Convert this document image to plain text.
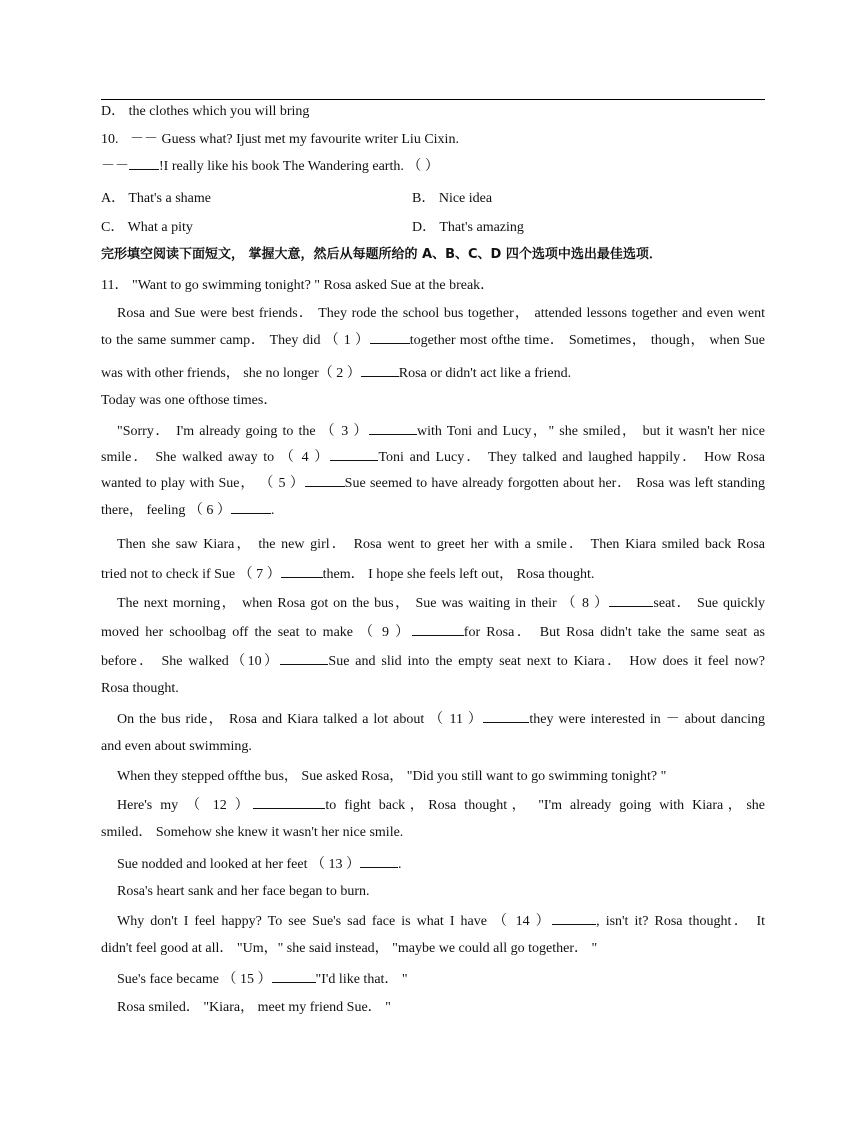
D． the clothes which you will bring
10. －－ Guess what? Ijust met my favourite writer Liu Cixin.
－－ !I really like his book The Wandering earth. （ ）
A． That's a shame	B． Nice idea
C． What a pity	D． That's amazing
完形填空阅读下面短文， 掌握大意，然后从每题所给的 A、B、C、D 四个选项中选出最佳选项．
11． "Want to go swimming tonight? " Rosa asked Sue at the break．
Rosa and Sue were best friends． They rode the school bus together， attended lessons together and even went
to the same summer camp． They did （ 1 ）	together most ofthe time． Sometimes， though， when Sue
was with other friends， she no longer（ 2 ）	Rosa or didn't act like a friend.
Today was one ofthose times．
"Sorry． I'm already going to the （ 3 ）	with Toni and Lucy，" she smiled， but it wasn't her nice
smile． She walked away to （ 4 ）	Toni and Lucy． They talked and laughed happily． How Rosa
wanted to play with Sue， （ 5 ）	Sue seemed to have already forgotten about her． Rosa was left standing
there， feeling （ 6 ）	.
Then she saw Kiara， the new girl． Rosa went to greet her with a smile． Then Kiara smiled back Rosa
tried not to check if Sue （ 7 ）	them． I hope she feels left out， Rosa thought.
The next morning， when Rosa got on the bus， Sue was waiting in their （ 8 ）	seat． Sue quickly
moved her schoolbag off the seat to make （ 9 ）	for Rosa． But Rosa didn't take the same seat as
before． She walked（10）	Sue and slid into the empty seat next to Kiara． How does it feel now?
Rosa thought.
On the bus ride， Rosa and Kiara talked a lot about （ 11 ）	they were interested in － about dancing
and even about swimming.
When they stepped offthe bus， Sue asked Rosa， "Did you still want to go swimming tonight? "
Here's my （ 12 ）	to fight back，Rosa thought， "I'm already going with Kiara，she
smiled． Somehow she knew it wasn't her nice smile.
Sue nodded and looked at her feet （ 13 ）	.
Rosa's heart sank and her face began to burn.
Why don't I feel happy? To see Sue's sad face is what I have （ 14 ）	, isn't it? Rosa thought． It
didn't feel good at all． "Um，" she said instead， "maybe we could all go together． "
Sue's face became （ 15 ）	"I'd like that． "
Rosa smiled． "Kiara， meet my friend Sue． "
